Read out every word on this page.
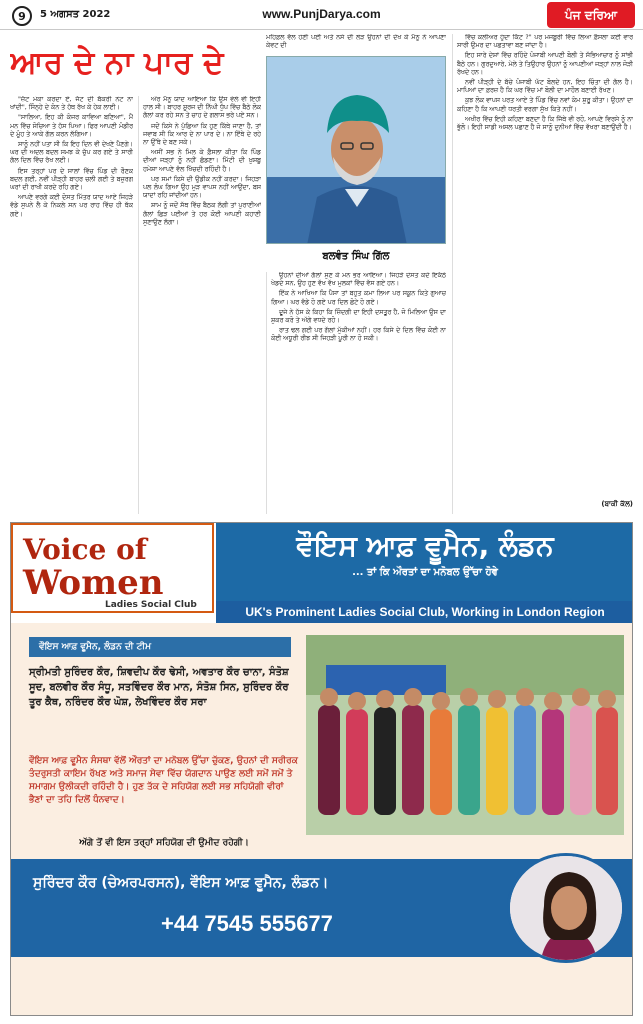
9	5 ਅਗਸਤ 2022	www.PunjDarya.com	ਪੰਜ ਦਰਿਆ
ਆਰ ਦੇ ਨਾ ਪਾਰ ਦੇ

"ਜ਼ੱਟ ਮੋਕਾ ਕਰਦਾ ਏ, ਜੱਟ ਦੀ ਬੱਕਰੀ ਨੋਟ ਨਾ ਖਾਂਦੀ", ਸਿੰਨ੍ਹੇ ਦੇ ਕੰਨ ਤੇ ਹੱਥ ਰੱਖ ਕੇ ਹੇਕ ਲਾਈ।

"ਸਾਲਿਆ, ਇਹ ਕੀ ਕੰਜਰ ਕਾਵਿਆ ਬਣਿਆ", ਮੈਂ ਮਨ ਵਿੱਚ ਸੋਚਿਆ ਤੇ ਹੱਸ ਪਿਆ। ਫਿਰ ਆਪਣੀ ਮੰਡੀਰ ਦੇ ਮੂੰਹ ਤੇ ਆਕੇ ਗੱਲ ਕਰਨ ਲੱਗਿਆ।

ਸਾਨੂੰ ਨਹੀਂ ਪਤਾ ਸੀ ਕਿ ਇਹ ਦਿਨ ਵੀ ਦੇਖਣੇ ਪੈਣਗੇ। ਘਰ ਦੀ ਅਦਲ ਬਦਲ ਸਮਝ ਕੇ ਚੁੱਪ ਕਰ ਗਏ ਤੇ ਸਾਰੀ ਗੱਲ ਦਿਲ ਵਿੱਚ ਰੱਖ ਲਈ।

ਇਸ ਤਰ੍ਹਾਂ ਪਰ ਦੇ ਸਾਲਾਂ ਵਿੱਚ ਪਿੰਡ ਦੀ ਰੌਣਕ ਬਦਲ ਗਈ, ਨਵੀਂ ਪੀੜ੍ਹੀ ਬਾਹਰ ਚਲੀ ਗਈ ਤੇ ਬਜ਼ੁਰਗ ਘਰਾਂ ਦੀ ਰਾਖੀ ਕਰਦੇ ਰਹਿ ਗਏ।

ਆਪਣੇ ਵਰਗੇ ਕਈ ਦੋਸਤ ਮਿੱਤਰ ਯਾਦ ਆਏ ਜਿਹੜੇ ਵੱਡੇ ਸੁਪਨੇ ਲੈ ਕੇ ਨਿਕਲੇ ਸਨ ਪਰ ਰਾਹ ਵਿੱਚ ਹੀ ਥੱਕ ਗਏ।

ਔਰ ਮੈਨੂੰ ਯਾਦ ਆਇਆ ਕਿ ਉਸ ਵੇਲੇ ਵੀ ਇਹੀ ਹਾਲ ਸੀ। ਬਾਹਰ ਸੂਰਜ ਦੀ ਨਿੱਘੀ ਧੁੱਪ ਵਿੱਚ ਬੈਠੇ ਲੋਕ ਗੱਲਾਂ ਕਰ ਰਹੇ ਸਨ ਤੇ ਚਾਹ ਦੇ ਗਲਾਸ ਭਰੇ ਪਏ ਸਨ।

ਜਦੋਂ ਕਿਸੇ ਨੇ ਪੁੱਛਿਆ ਕਿ ਹੁਣ ਕਿੱਥੇ ਜਾਣਾ ਹੈ, ਤਾਂ ਜਵਾਬ ਸੀ ਕਿ ਆਰ ਦੇ ਨਾ ਪਾਰ ਦੇ। ਨਾ ਇੱਥੇ ਦੇ ਰਹੇ ਨਾ ਉੱਥੇ ਦੇ ਬਣ ਸਕੇ।

ਅਸੀਂ ਸਭ ਨੇ ਮਿਲ ਕੇ ਫ਼ੈਸਲਾ ਕੀਤਾ ਕਿ ਪਿੰਡ ਦੀਆਂ ਜੜ੍ਹਾਂ ਨੂੰ ਨਹੀਂ ਛੱਡਣਾ। ਮਿੱਟੀ ਦੀ ਖ਼ੁਸ਼ਬੂ ਹਮੇਸ਼ਾ ਆਪਣੇ ਵੱਲ ਖਿੱਚਦੀ ਰਹਿੰਦੀ ਹੈ।

ਪਰ ਸਮਾਂ ਕਿਸੇ ਦੀ ਉਡੀਕ ਨਹੀਂ ਕਰਦਾ। ਜਿਹੜਾ ਪਲ ਲੰਘ ਗਿਆ ਉਹ ਮੁੜ ਵਾਪਸ ਨਹੀਂ ਆਉਂਦਾ, ਬਸ ਯਾਦਾਂ ਰਹਿ ਜਾਂਦੀਆਂ ਹਨ।

ਸ਼ਾਮ ਨੂੰ ਜਦੋਂ ਸੱਥ ਵਿੱਚ ਬੈਠਕ ਲੱਗੀ ਤਾਂ ਪੁਰਾਣੀਆਂ ਗੱਲਾਂ ਛਿੜ ਪਈਆਂ ਤੇ ਹਰ ਕੋਈ ਆਪਣੀ ਕਹਾਣੀ ਸੁਣਾਉਣ ਲੱਗਾ।

ਮਹਿਫ਼ਲ ਵੱਲ ਹੋਣੀ ਪਈ ਅਤੇ ਨਸੇ ਦੀ ਲੋੜ ਉਹਨਾਂ ਦੀ ਦੇਖ ਕੇ ਮੈਨੂੰ ਨੇ ਆਪਣਾ ਕੇਵਟ ਦੀ
ਬਲਵੰਤ ਸਿੰਘ ਗਿੱਲ

ਉਹਨਾਂ ਦੀਆਂ ਗੱਲਾਂ ਸੁਣ ਕੇ ਮਨ ਭਰ ਆਇਆ। ਜਿਹੜੇ ਦੋਸਤ ਕਦੇ ਇਕੱਠੇ ਖੇਡਦੇ ਸਨ, ਉਹ ਹੁਣ ਵੱਖ ਵੱਖ ਮੁਲਕਾਂ ਵਿੱਚ ਵੱਸ ਗਏ ਹਨ।

ਇੱਕ ਨੇ ਆਖਿਆ ਕਿ ਪੈਸਾ ਤਾਂ ਬਹੁਤ ਕਮਾ ਲਿਆ ਪਰ ਸਕੂਨ ਕਿਤੇ ਗੁਆਚ ਗਿਆ। ਘਰ ਵੱਡੇ ਹੋ ਗਏ ਪਰ ਦਿਲ ਛੋਟੇ ਹੋ ਗਏ।

ਦੂਜੇ ਨੇ ਹੱਸ ਕੇ ਕਿਹਾ ਕਿ ਜ਼ਿੰਦਗੀ ਦਾ ਇਹੀ ਦਸਤੂਰ ਹੈ, ਜੋ ਮਿਲਿਆ ਉਸ ਦਾ ਸ਼ੁਕਰ ਕਰੋ ਤੇ ਅੱਗੇ ਵਧਦੇ ਰਹੋ।

ਰਾਤ ਢਲ ਗਈ ਪਰ ਗੱਲਾਂ ਮੁੱਕੀਆਂ ਨਹੀਂ। ਹਰ ਕਿਸੇ ਦੇ ਦਿਲ ਵਿੱਚ ਕੋਈ ਨਾ ਕੋਈ ਅਧੂਰੀ ਰੀਝ ਸੀ ਜਿਹੜੀ ਪੂਰੀ ਨਾ ਹੋ ਸਕੀ।

ਵਿੱਚ ਕਲੀਅਰ ਹੁੰਦਾ ਕਿੱਟ ?" ਪਰ ਮਜਬੂਰੀ ਵਿੱਚ ਲਿਆ ਫ਼ੈਸਲਾ ਕਈ ਵਾਰ ਸਾਰੀ ਉਮਰ ਦਾ ਪਛਤਾਵਾ ਬਣ ਜਾਂਦਾ ਹੈ।

ਇਹ ਸਾਰੇ ਦੇਸ਼ਾਂ ਵਿੱਚ ਰਹਿੰਦੇ ਪੰਜਾਬੀ ਆਪਣੀ ਬੋਲੀ ਤੇ ਸੱਭਿਆਚਾਰ ਨੂੰ ਸਾਂਭੀ ਬੈਠੇ ਹਨ। ਗੁਰਦੁਆਰੇ, ਮੇਲੇ ਤੇ ਤਿਉਹਾਰ ਉਹਨਾਂ ਨੂੰ ਆਪਣੀਆਂ ਜੜ੍ਹਾਂ ਨਾਲ ਜੋੜੀ ਰੱਖਦੇ ਹਨ।

ਨਵੀਂ ਪੀੜ੍ਹੀ ਦੇ ਬੱਚੇ ਪੰਜਾਬੀ ਘੱਟ ਬੋਲਦੇ ਹਨ, ਇਹ ਚਿੰਤਾ ਦੀ ਗੱਲ ਹੈ। ਮਾਪਿਆਂ ਦਾ ਫ਼ਰਜ਼ ਹੈ ਕਿ ਘਰ ਵਿੱਚ ਮਾਂ ਬੋਲੀ ਦਾ ਮਾਹੌਲ ਬਣਾਈ ਰੱਖਣ।

ਕੁਝ ਲੋਕ ਵਾਪਸ ਪਰਤ ਆਏ ਤੇ ਪਿੰਡ ਵਿੱਚ ਨਵਾਂ ਕੰਮ ਸ਼ੁਰੂ ਕੀਤਾ। ਉਹਨਾਂ ਦਾ ਕਹਿਣਾ ਹੈ ਕਿ ਆਪਣੀ ਧਰਤੀ ਵਰਗਾ ਸੁੱਖ ਕਿਤੇ ਨਹੀਂ।

ਅਖੀਰ ਵਿੱਚ ਇਹੀ ਕਹਿਣਾ ਬਣਦਾ ਹੈ ਕਿ ਜਿੱਥੇ ਵੀ ਰਹੋ, ਆਪਣੇ ਵਿਰਸੇ ਨੂੰ ਨਾ ਭੁੱਲੋ। ਇਹੀ ਸਾਡੀ ਅਸਲ ਪਛਾਣ ਹੈ ਜੋ ਸਾਨੂੰ ਦੁਨੀਆਂ ਵਿੱਚ ਵੱਖਰਾ ਬਣਾਉਂਦੀ ਹੈ।

(ਬਾਕੀ ਕੱਲ)
Voice of
Women
Ladies Social Club
ਵੌਇਸ ਆਫ਼ ਵੂਮੈਨ, ਲੰਡਨ
... ਤਾਂ ਕਿ ਔਰਤਾਂ ਦਾ ਮਨੋਬਲ ਉੱਚਾ ਹੋਵੇ
UK's Prominent Ladies Social Club, Working in London Region
ਵੌਇਸ ਆਫ਼ ਵੂਮੈਨ, ਲੰਡਨ ਦੀ ਟੀਮ
ਸ੍ਰੀਮਤੀ ਸੁਰਿੰਦਰ ਕੌਰ, ਸ਼ਿਵਦੀਪ ਕੌਰ ਢੇਸੀ, ਅਵਤਾਰ ਕੌਰ ਚਾਨਾ, ਸੰਤੋਸ਼ ਸੂਦ, ਬਲਵੀਰ ਕੌਰ ਸੰਧੂ, ਸਤਵਿੰਦਰ ਕੌਰ ਮਾਨ, ਸੰਤੋਸ਼ ਸਿਨ, ਸੁਰਿੰਦਰ ਕੌਰ ਤੂਰ ਕੈਥ, ਨਰਿੰਦਰ ਕੌਰ ਘੋਸ਼, ਲੇਖਵਿੰਦਰ ਕੌਰ ਸਰਾ
ਵੌਇਸ ਆਫ਼ ਵੂਮੈਨ ਸੰਸਥਾ ਵੱਲੋਂ ਔਰਤਾਂ ਦਾ ਮਨੋਬਲ ਉੱਚਾ ਚੁੱਕਣ, ਉਹਨਾਂ ਦੀ ਸਰੀਰਕ ਤੰਦਰੁਸਤੀ ਕਾਇਮ ਰੱਖਣ ਅਤੇ ਸਮਾਜ ਸੇਵਾ ਵਿੱਚ ਯੋਗਦਾਨ ਪਾਉਣ ਲਈ ਸਮੇਂ ਸਮੇਂ ਤੇ ਸਮਾਗਮ ਉਲੀਕਦੀ ਰਹਿੰਦੀ ਹੈ। ਹੁਣ ਤੱਕ ਦੇ ਸਹਿਯੋਗ ਲਈ ਸਭ ਸਹਿਯੋਗੀ ਵੀਰਾਂ ਭੈਣਾਂ ਦਾ ਤਹਿ ਦਿਲੋਂ ਧੰਨਵਾਦ।
ਅੱਗੇ ਤੋਂ ਵੀ ਇਸ ਤਰ੍ਹਾਂ ਸਹਿਯੋਗ ਦੀ ਉਮੀਦ ਰਹੇਗੀ।
ਸੁਰਿੰਦਰ ਕੌਰ (ਚੇਅਰਪਰਸਨ), ਵੌਇਸ ਆਫ਼ ਵੂਮੈਨ, ਲੰਡਨ।
+44 7545 555677
